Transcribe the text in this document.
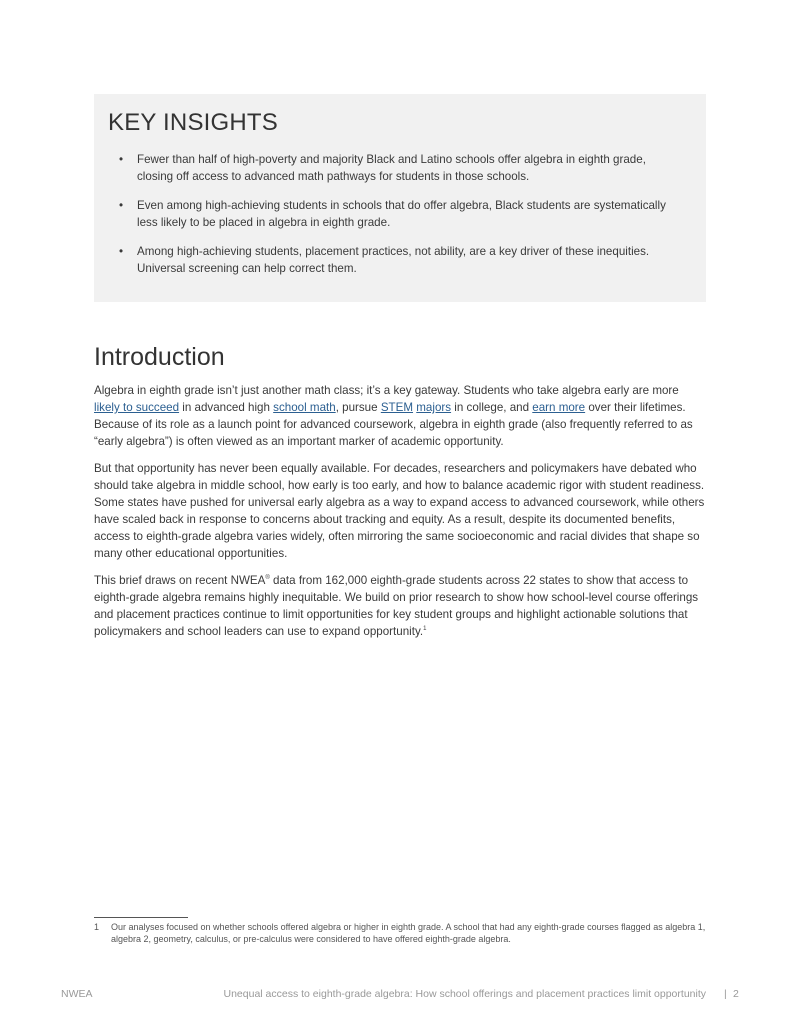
KEY INSIGHTS
• Fewer than half of high-poverty and majority Black and Latino schools offer algebra in eighth grade, closing off access to advanced math pathways for students in those schools.
• Even among high-achieving students in schools that do offer algebra, Black students are systematically less likely to be placed in algebra in eighth grade.
• Among high-achieving students, placement practices, not ability, are a key driver of these inequities. Universal screening can help correct them.
Introduction

Algebra in eighth grade isn’t just another math class; it’s a key gateway. Students who take algebra early are more likely to succeed in advanced high school math, pursue STEM majors in college, and earn more over their lifetimes. Because of its role as a launch point for advanced coursework, algebra in eighth grade (also frequently referred to as “early algebra”) is often viewed as an important marker of academic opportunity.

But that opportunity has never been equally available. For decades, researchers and policymakers have debated who should take algebra in middle school, how early is too early, and how to balance academic rigor with student readiness. Some states have pushed for universal early algebra as a way to expand access to advanced coursework, while others have scaled back in response to concerns about tracking and equity. As a result, despite its documented benefits, access to eighth-grade algebra varies widely, often mirroring the same socioeconomic and racial divides that shape so many other educational opportunities.

This brief draws on recent NWEA® data from 162,000 eighth-grade students across 22 states to show that access to eighth-grade algebra remains highly inequitable. We build on prior research to show how school-level course offerings and placement practices continue to limit opportunities for key student groups and highlight actionable solutions that policymakers and school leaders can use to expand opportunity.$^1$

1	Our analyses focused on whether schools offered algebra or higher in eighth grade. A school that had any eighth-grade courses flagged as algebra 1, algebra 2, geometry, calculus, or pre-calculus were considered to have offered eighth-grade algebra.
NWEA	Unequal access to eighth-grade algebra: How school offerings and placement practices limit opportunity | 2
